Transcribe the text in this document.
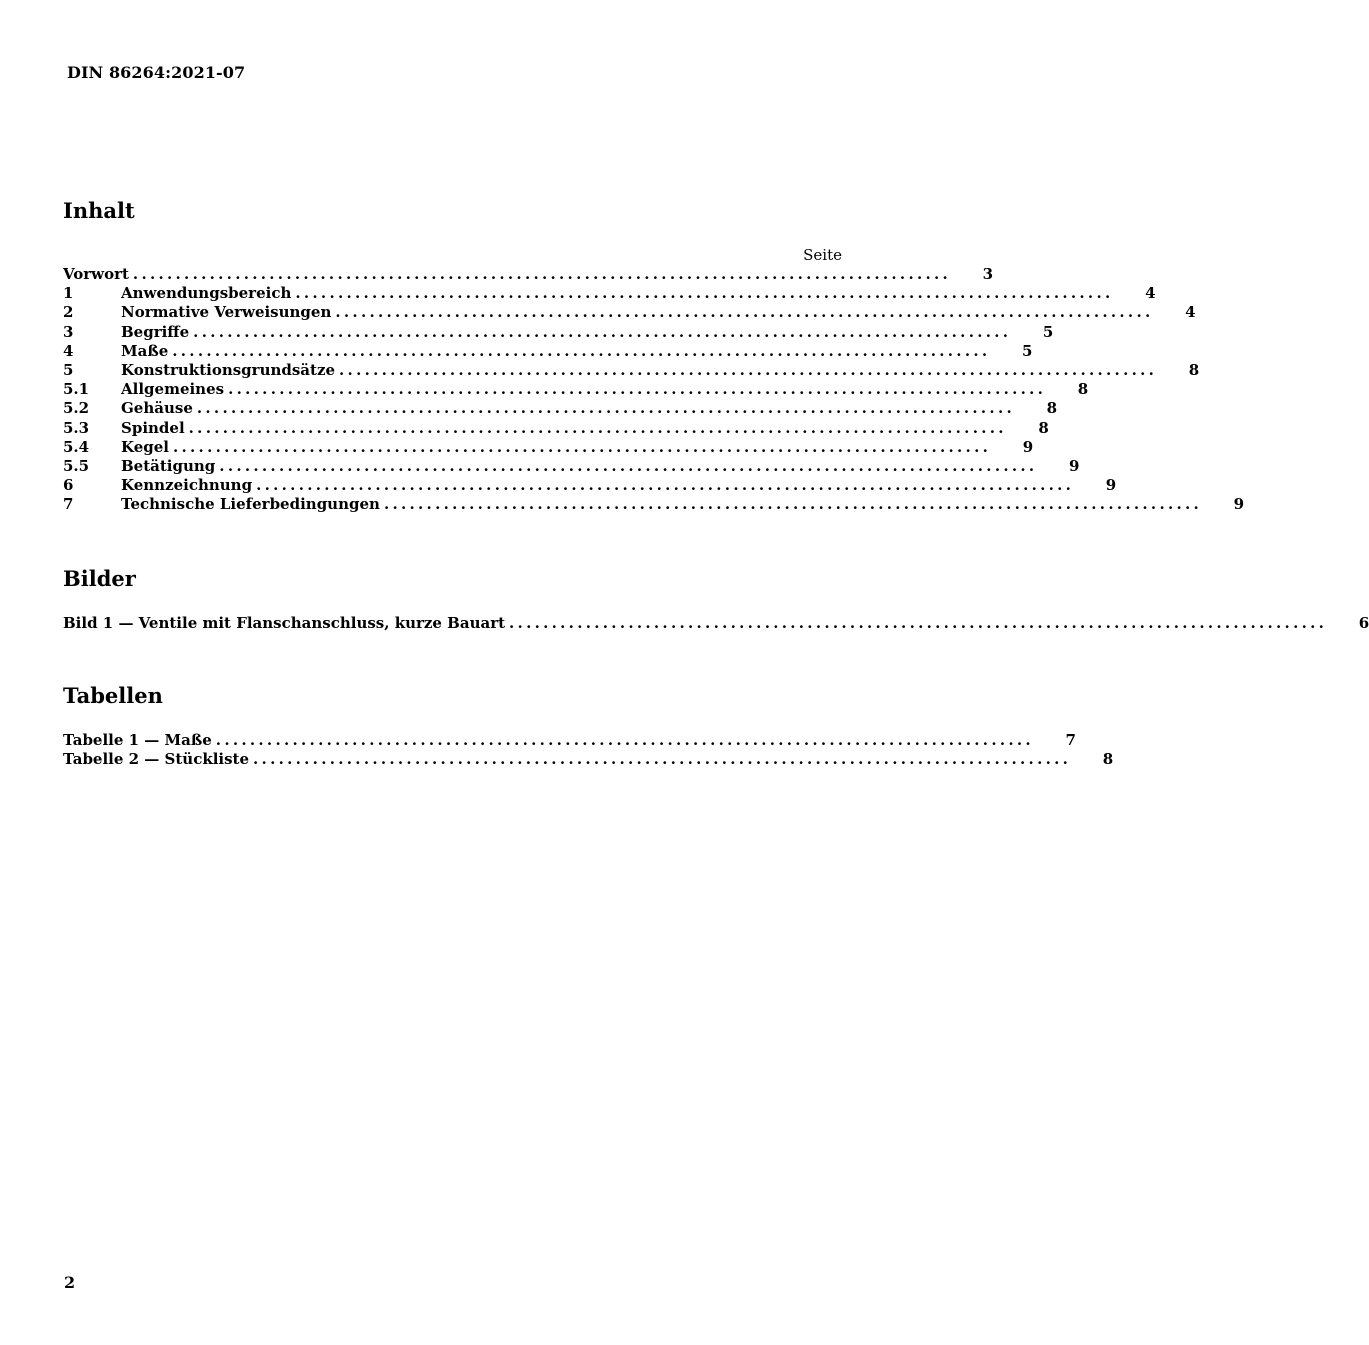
DIN 86264:2021-07
Inhalt
Seite
Vorwort ................................................................................................ 3
1	Anwendungsbereich ................................................................................................ 4
2	Normative Verweisungen ................................................................................................ 4
3	Begriffe ................................................................................................ 5
4	Maße ................................................................................................ 5
5	Konstruktionsgrundsätze ................................................................................................ 8
5.1	Allgemeines ................................................................................................ 8
5.2	Gehäuse ................................................................................................ 8
5.3	Spindel ................................................................................................ 8
5.4	Kegel ................................................................................................ 9
5.5	Betätigung ................................................................................................ 9
6	Kennzeichnung ................................................................................................ 9
7	Technische Lieferbedingungen ................................................................................................ 9
Bilder
Bild 1 — Ventile mit Flanschanschluss, kurze Bauart ................................................................................................ 6
Tabellen
Tabelle 1 — Maße ................................................................................................ 7
Tabelle 2 — Stückliste ................................................................................................ 8
2
